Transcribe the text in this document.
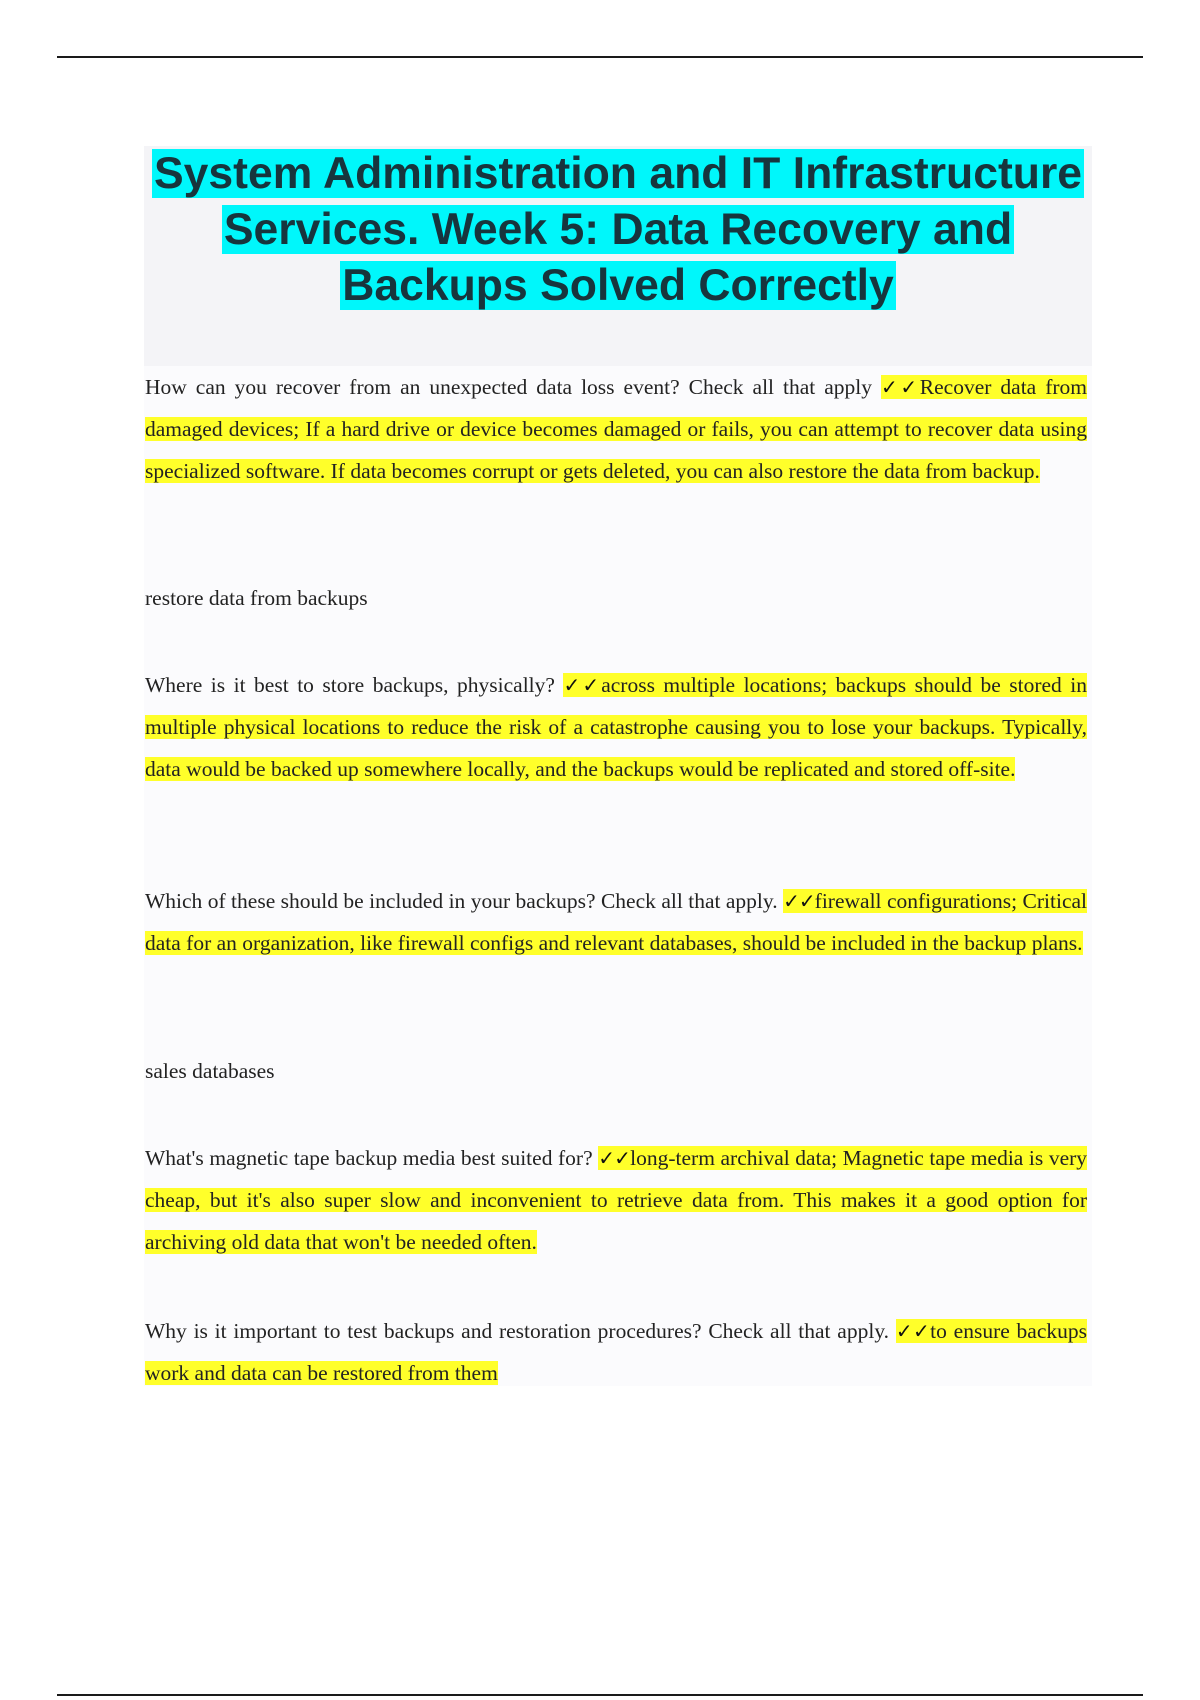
System Administration and IT Infrastructure Services. Week 5: Data Recovery and Backups Solved Correctly

How can you recover from an unexpected data loss event? Check all that apply ✓✓Recover data from damaged devices; If a hard drive or device becomes damaged or fails, you can attempt to recover data using specialized software. If data becomes corrupt or gets deleted, you can also restore the data from backup.

restore data from backups

Where is it best to store backups, physically? ✓✓across multiple locations; backups should be stored in multiple physical locations to reduce the risk of a catastrophe causing you to lose your backups. Typically, data would be backed up somewhere locally, and the backups would be replicated and stored off-site.

Which of these should be included in your backups? Check all that apply. ✓✓firewall configurations; Critical data for an organization, like firewall configs and relevant databases, should be included in the backup plans.

sales databases

What's magnetic tape backup media best suited for? ✓✓long-term archival data; Magnetic tape media is very cheap, but it's also super slow and inconvenient to retrieve data from. This makes it a good option for archiving old data that won't be needed often.

Why is it important to test backups and restoration procedures? Check all that apply. ✓✓to ensure backups work and data can be restored from them
